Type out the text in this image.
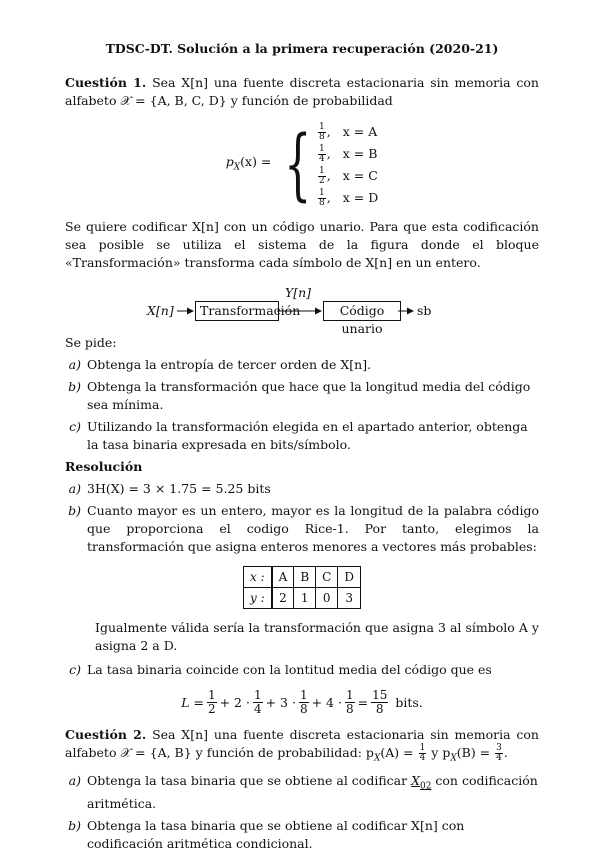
TDSC-DT. Solución a la primera recuperación (2020-21)

Cuestión 1. Sea X[n] una fuente discreta estacionaria sin memoria con alfabeto 𝒳 = {A, B, C, D} y función de probabilidad

$p_X(x)$ = { $\frac{1}{8}$ , x = A
$\frac{1}{4}$ , x = B
$\frac{1}{2}$ , x = C
$\frac{1}{8}$ , x = D

Se quiere codificar X[n] con un código unario. Para que esta codificación sea posible se utiliza el sistema de la figura donde el bloque «Transformación» transforma cada símbolo de X[n] en un entero.

X[n]	Transformación
Y[n]
Código unario
sb

Se pide:

a) Obtenga la entropía de tercer orden de X[n].
b) Obtenga la transformación que hace que la longitud media del código sea mínima.
c) Utilizando la transformación elegida en el apartado anterior, obtenga la tasa binaria expresada en bits/símbolo.

Resolución

a) 3H(X) = 3 × 1.75 = 5.25 bits
b) Cuanto mayor es un entero, mayor es la longitud de la palabra código que proporciona el codigo Rice-1. Por tanto, elegimos la transformación que asigna enteros menores a vectores más probables:
x :	A	B	C	D
y :	2	1	0	3

Igualmente válida sería la transformación que asigna 3 al símbolo A y asigna 2 a D.

c) La tasa binaria coincide con la lontitud media del código que es
$L = \frac{1}{2} + 2 \cdot \frac{1}{4} + 3 \cdot \frac{1}{8} + 4 \cdot \frac{1}{8} = \frac{15}{8}$ bits.

Cuestión 2. Sea X[n] una fuente discreta estacionaria sin memoria con alfabeto 𝒳 = {A, B} y función de probabilidad: $p_X(A) = \frac{1}{4}$ y $p_X(B) = \frac{3}{4}$ .

a) Obtenga la tasa binaria que se obtiene al codificar $X_{02}$ con codificación aritmética.
b) Obtenga la tasa binaria que se obtiene al codificar X[n] con codificación aritmética condicional.
